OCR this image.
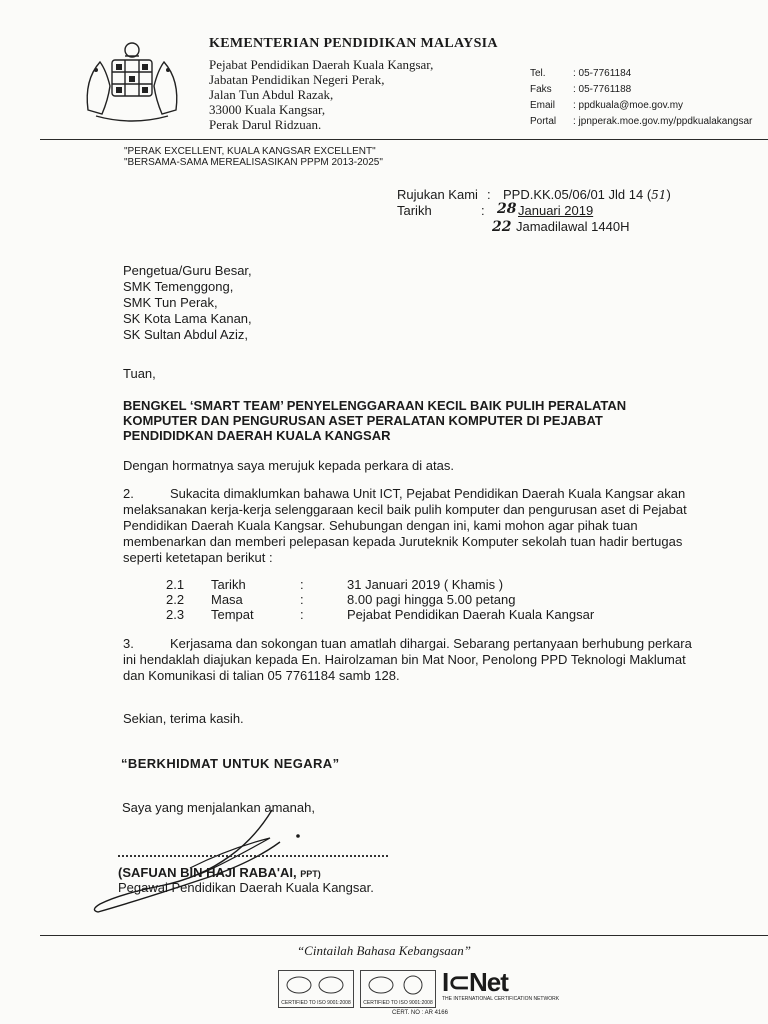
KEMENTERIAN PENDIDIKAN MALAYSIA
Pejabat Pendidikan Daerah Kuala Kangsar,
Jabatan Pendidikan Negeri Perak,
Jalan Tun Abdul Razak,
33000 Kuala Kangsar,
Perak Darul Ridzuan.
Tel.	: 05-7761184
Faks : 05-7761188
Email : ppdkuala@moe.gov.my
Portal : jpnperak.moe.gov.my/ppdkualakangsar
"PERAK EXCELLENT, KUALA KANGSAR EXCELLENT"
"BERSAMA-SAMA MEREALISASIKAN PPPM 2013-2025"
Rujukan Kami : PPD.KK.05/06/01 Jld 14 (51)
Tarikh	: 28 Januari 2019
22 Jamadilawal 1440H
Pengetua/Guru Besar,
SMK Temenggong,
SMK Tun Perak,
SK Kota Lama Kanan,
SK Sultan Abdul Aziz,
Tuan,
BENGKEL ‘SMART TEAM’ PENYELENGGARAAN KECIL BAIK PULIH PERALATAN
KOMPUTER DAN PENGURUSAN ASET PERALATAN KOMPUTER DI PEJABAT
PENDIDIDKAN DAERAH KUALA KANGSAR
Dengan hormatnya saya merujuk kepada perkara di atas.
2.	Sukacita dimaklumkan bahawa Unit ICT, Pejabat Pendidikan Daerah Kuala Kangsar akan
melaksanakan kerja-kerja selenggaraan kecil baik pulih komputer dan pengurusan aset di Pejabat
Pendidikan Daerah Kuala Kangsar. Sehubungan dengan ini, kami mohon agar pihak tuan
membenarkan dan memberi pelepasan kepada Juruteknik Komputer sekolah tuan hadir bertugas
seperti ketetapan berikut :
2.1 Tarikh	:	31 Januari 2019 ( Khamis )
2.2 Masa	:	8.00 pagi hingga 5.00 petang
2.3 Tempat	:	Pejabat Pendidikan Daerah Kuala Kangsar
3.	Kerjasama dan sokongan tuan amatlah dihargai. Sebarang pertanyaan berhubung perkara
ini hendaklah diajukan kepada En. Hairolzaman bin Mat Noor, Penolong PPD Teknologi Maklumat
dan Komunikasi di talian 05 7761184 samb 128.
Sekian, terima kasih.
“BERKHIDMAT UNTUK NEGARA”
Saya yang menjalankan amanah,
(SAFUAN BIN HAJI RABA'AI, PPT)
Pegawai Pendidikan Daerah Kuala Kangsar.
“Cintailah Bahasa Kebangsaan”
CERTIFIED TO ISO 9001:2008	CERTIFIED TO ISO 9001:2008
I⊂Net
THE INTERNATIONAL CERTIFICATION NETWORK
CERT. NO : AR 4166
